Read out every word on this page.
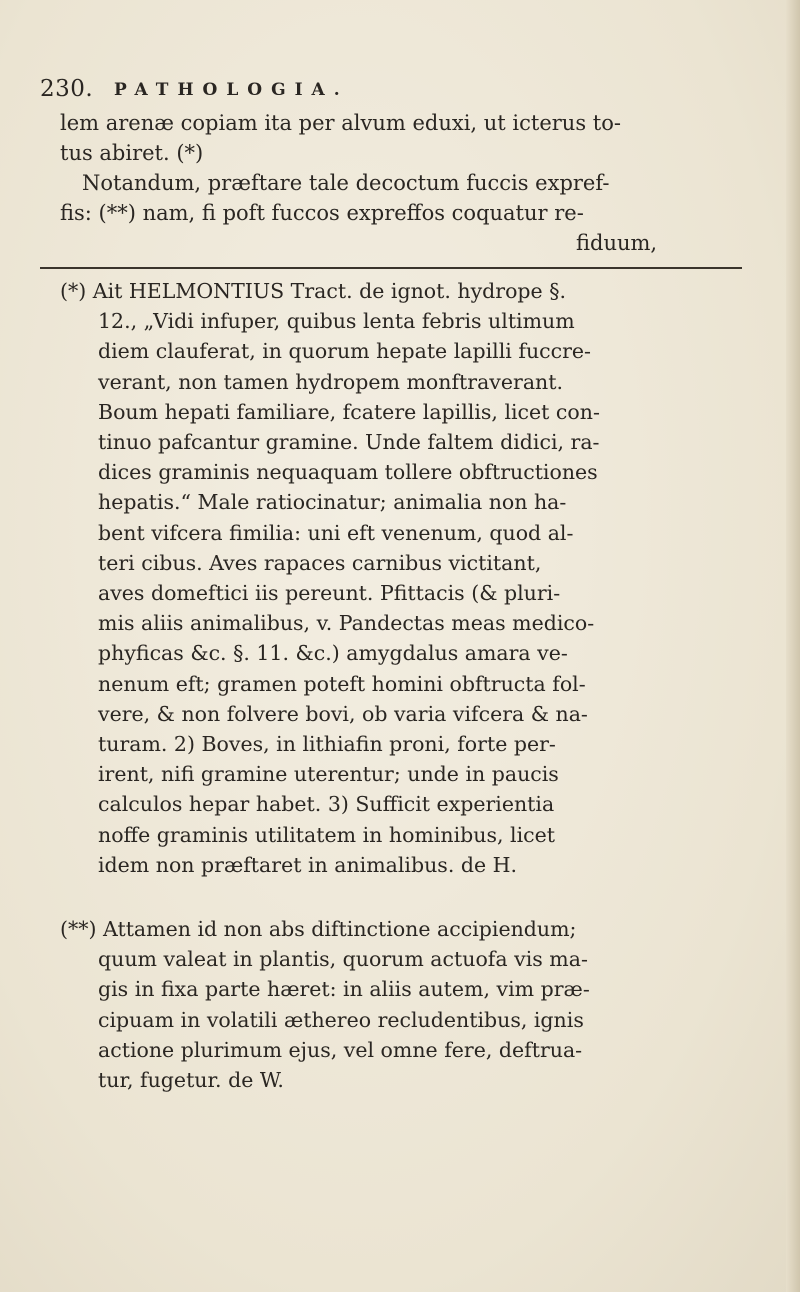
230. PATHOLOGIA.
lem arenæ copiam ita per alvum eduxi, ut icterus to-
tus abiret. (*)
Notandum, præftare tale decoctum fuccis expref-
fis: (**) nam, fi poft fuccos expreffos coquatur re-
fiduum,
(*) Ait HELMONTIUS Tract. de ignot. hydrope §.
12., „Vidi infuper, quibus lenta febris ultimum
diem clauferat, in quorum hepate lapilli fuccre-
verant, non tamen hydropem monftraverant.
Boum hepati familiare, fcatere lapillis, licet con-
tinuo pafcantur gramine. Unde faltem didici, ra-
dices graminis nequaquam tollere obftructiones
hepatis.“ Male ratiocinatur; animalia non ha-
bent vifcera fimilia: uni eft venenum, quod al-
teri cibus. Aves rapaces carnibus victitant,
aves domeftici iis pereunt. Pfittacis (& pluri-
mis aliis animalibus, v. Pandectas meas medico-
phyficas &c. §. 11. &c.) amygdalus amara ve-
nenum eft; gramen poteft homini obftructa fol-
vere, & non folvere bovi, ob varia vifcera & na-
turam. 2) Boves, in lithiafin proni, forte per-
irent, nifi gramine uterentur; unde in paucis
calculos hepar habet. 3) Sufficit experientia
noffe graminis utilitatem in hominibus, licet
idem non præftaret in animalibus. de H.
(**) Attamen id non abs diftinctione accipiendum;
quum valeat in plantis, quorum actuofa vis ma-
gis in fixa parte hæret: in aliis autem, vim præ-
cipuam in volatili æthereo recludentibus, ignis
actione plurimum ejus, vel omne fere, deftrua-
tur, fugetur. de W.
